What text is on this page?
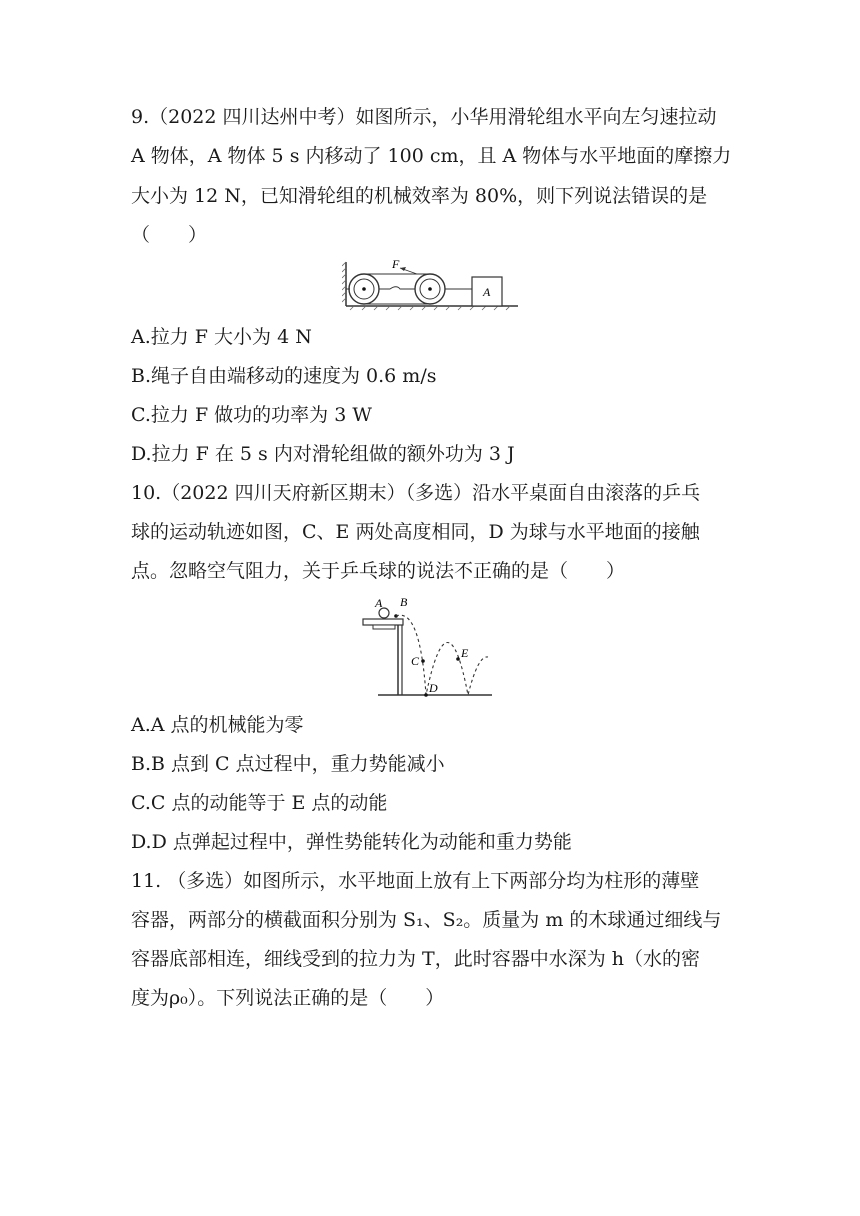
9.（2022 四川达州中考）如图所示，小华用滑轮组水平向左匀速拉动
A 物体，A 物体 5 s 内移动了 100 cm，且 A 物体与水平地面的摩擦力
大小为 12 N，已知滑轮组的机械效率为 80%，则下列说法错误的是
（　　）
F
A
A.拉力 F 大小为 4 N
B.绳子自由端移动的速度为 0.6 m/s
C.拉力 F 做功的功率为 3 W
D.拉力 F 在 5 s 内对滑轮组做的额外功为 3 J
10.（2022 四川天府新区期末）（多选）沿水平桌面自由滚落的乒乓
球的运动轨迹如图，C、E 两处高度相同，D 为球与水平地面的接触
点。忽略空气阻力，关于乒乓球的说法不正确的是（　　）
A B
C
D
E
A.A 点的机械能为零
B.B 点到 C 点过程中，重力势能减小
C.C 点的动能等于 E 点的动能
D.D 点弹起过程中，弹性势能转化为动能和重力势能
11. （多选）如图所示，水平地面上放有上下两部分均为柱形的薄壁
容器，两部分的横截面积分别为 S₁、S₂。质量为 m 的木球通过细线与
容器底部相连，细线受到的拉力为 T，此时容器中水深为 h（水的密
度为ρ₀）。下列说法正确的是（　　）
